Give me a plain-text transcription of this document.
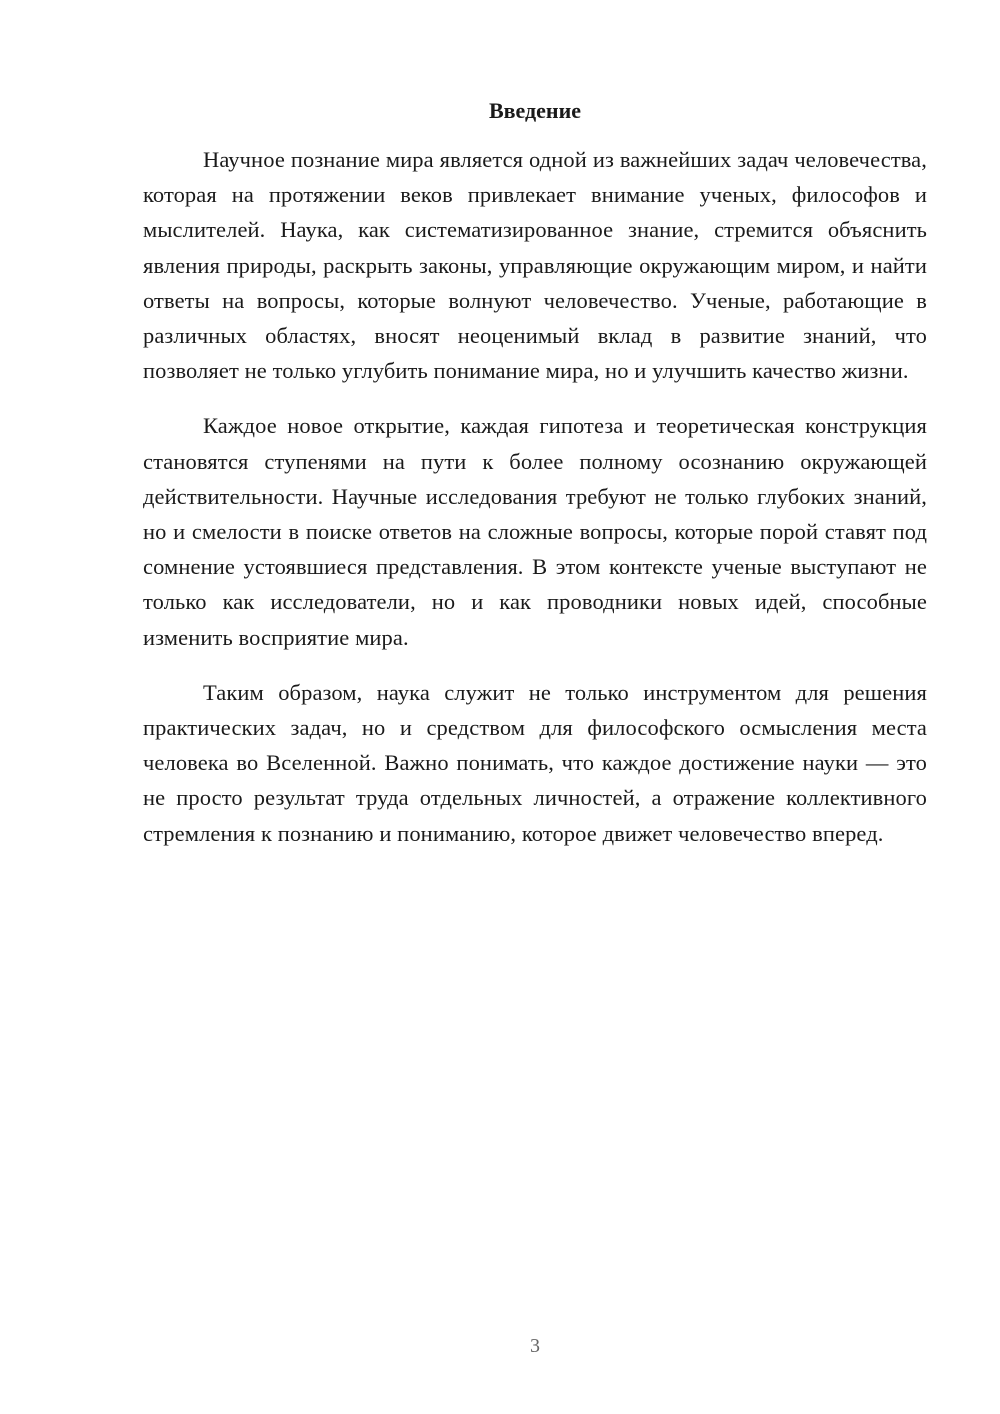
Введение

Научное познание мира является одной из важнейших задач человечества, которая на протяжении веков привлекает внимание ученых, философов и мыслителей. Наука, как систематизированное знание, стремится объяснить явления природы, раскрыть законы, управляющие окружающим миром, и найти ответы на вопросы, которые волнуют человечество. Ученые, работающие в различных областях, вносят неоценимый вклад в развитие знаний, что позволяет не только углубить понимание мира, но и улучшить качество жизни.

Каждое новое открытие, каждая гипотеза и теоретическая конструкция становятся ступенями на пути к более полному осознанию окружающей действительности. Научные исследования требуют не только глубоких знаний, но и смелости в поиске ответов на сложные вопросы, которые порой ставят под сомнение устоявшиеся представления. В этом контексте ученые выступают не только как исследователи, но и как проводники новых идей, способные изменить восприятие мира.

Таким образом, наука служит не только инструментом для решения практических задач, но и средством для философского осмысления места человека во Вселенной. Важно понимать, что каждое достижение науки — это не просто результат труда отдельных личностей, а отражение коллективного стремления к познанию и пониманию, которое движет человечество вперед.

3
